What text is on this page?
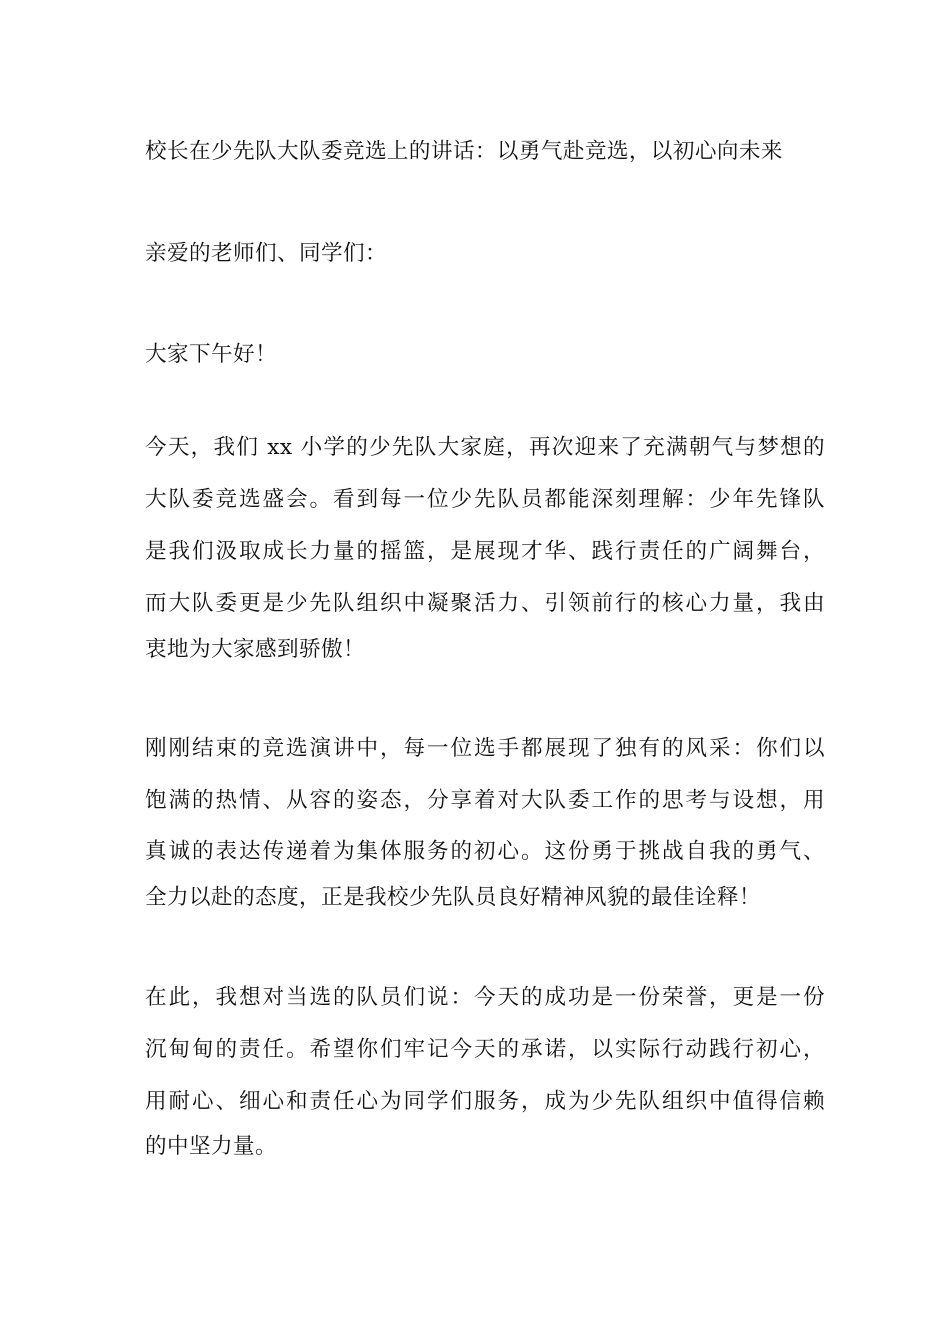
校长在少先队大队委竞选上的讲话：以勇气赴竞选，以初心向未来
亲爱的老师们、同学们：
大家下午好！
今天，我们 xx 小学的少先队大家庭，再次迎来了充满朝气与梦想的
大队委竞选盛会。看到每一位少先队员都能深刻理解：少年先锋队
是我们汲取成长力量的摇篮，是展现才华、践行责任的广阔舞台，
而大队委更是少先队组织中凝聚活力、引领前行的核心力量，我由
衷地为大家感到骄傲！
刚刚结束的竞选演讲中，每一位选手都展现了独有的风采：你们以
饱满的热情、从容的姿态，分享着对大队委工作的思考与设想，用
真诚的表达传递着为集体服务的初心。这份勇于挑战自我的勇气、
全力以赴的态度，正是我校少先队员良好精神风貌的最佳诠释！
在此，我想对当选的队员们说：今天的成功是一份荣誉，更是一份
沉甸甸的责任。希望你们牢记今天的承诺，以实际行动践行初心，
用耐心、细心和责任心为同学们服务，成为少先队组织中值得信赖
的中坚力量。
